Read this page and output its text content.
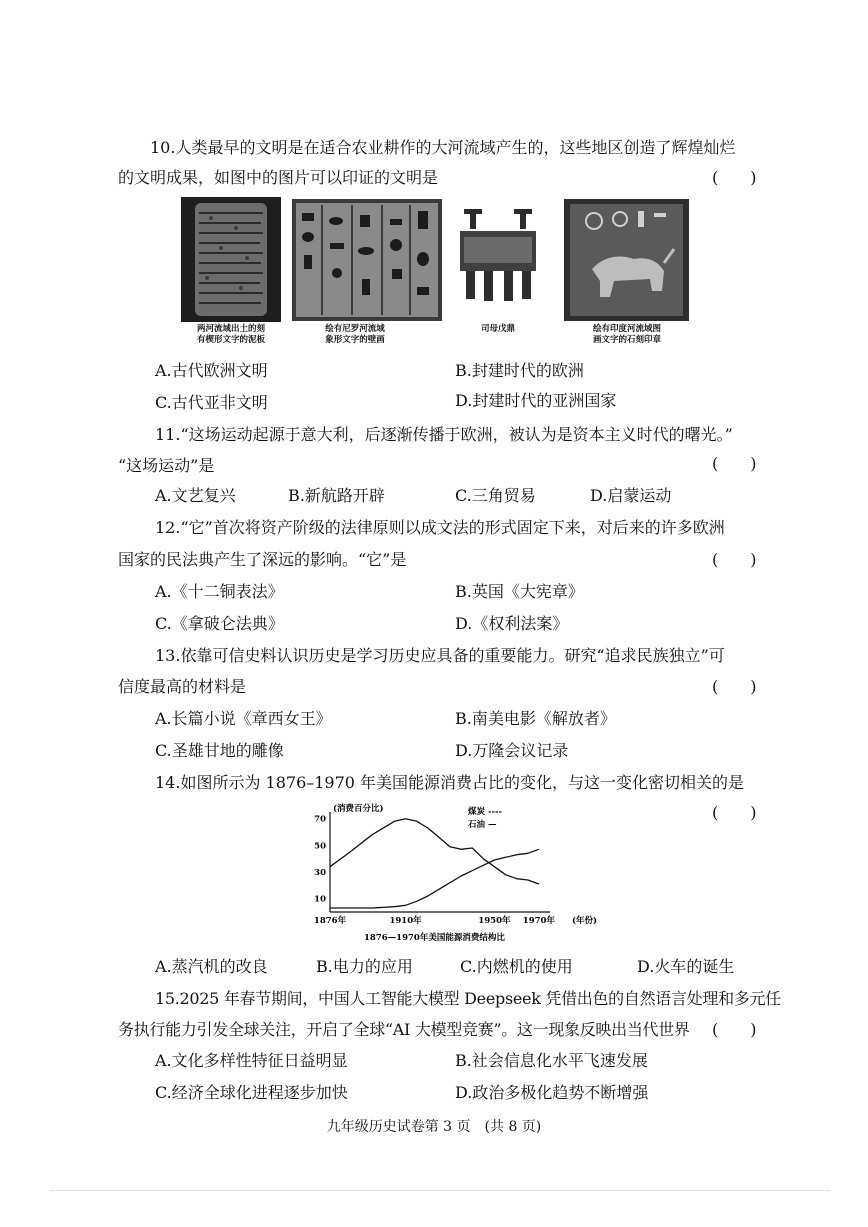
10.人类最早的文明是在适合农业耕作的大河流域产生的，这些地区创造了辉煌灿烂
的文明成果，如图中的图片可以印证的文明是	(　　)
两河流域出土的刻
有楔形文字的泥板
绘有尼罗河流域
象形文字的壁画
司母戊鼎	绘有印度河流域图
画文字的石刻印章
A.古代欧洲文明	B.封建时代的欧洲
C.古代亚非文明	D.封建时代的亚洲国家
11.“这场运动起源于意大利，后逐渐传播于欧洲，被认为是资本主义时代的曙光。”
“这场运动”是	(　　)
A.文艺复兴	B.新航路开辟	C.三角贸易	D.启蒙运动
12.“它”首次将资产阶级的法律原则以成文法的形式固定下来，对后来的许多欧洲
国家的民法典产生了深远的影响。“它”是	(　　)
A.《十二铜表法》	B.英国《大宪章》
C.《拿破仑法典》	D.《权利法案》
13.依靠可信史料认识历史是学习历史应具备的重要能力。研究“追求民族独立”可
信度最高的材料是	(　　)
A.长篇小说《章西女王》	B.南美电影《解放者》
C.圣雄甘地的雕像	D.万隆会议记录
14.如图所示为 1876–1970 年美国能源消费占比的变化，与这一变化密切相关的是
(　　)
(消费百分比)
(年份)
煤炭 ----
石油 —
1876—1970年美国能源消费结构比
70
50
30
10
1876年	1910年	1950年 1970年
A.蒸汽机的改良	B.电力的应用	C.内燃机的使用	D.火车的诞生
15.2025 年春节期间，中国人工智能大模型 Deepseek 凭借出色的自然语言处理和多元任
务执行能力引发全球关注，开启了全球“AI 大模型竞赛”。这一现象反映出当代世界 (　　)
A.文化多样性特征日益明显	B.社会信息化水平飞速发展
C.经济全球化进程逐步加快	D.政治多极化趋势不断增强
九年级历史试卷第 3 页　(共 8 页)
